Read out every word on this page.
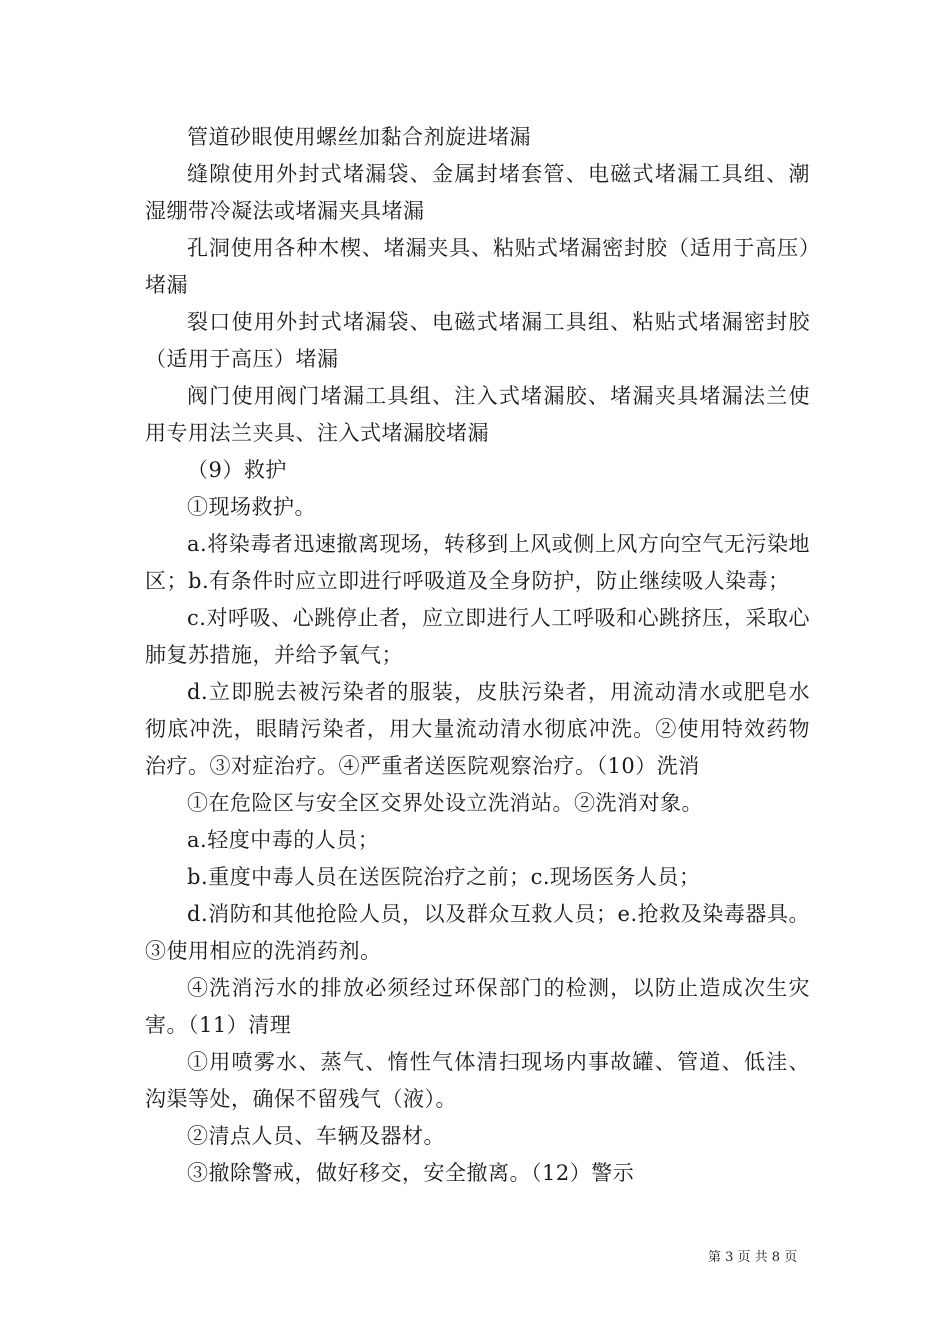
管道砂眼使用螺丝加黏合剂旋进堵漏

缝隙使用外封式堵漏袋、金属封堵套管、电磁式堵漏工具组、潮湿绷带冷凝法或堵漏夹具堵漏

孔洞使用各种木楔、堵漏夹具、粘贴式堵漏密封胶（适用于高压）堵漏

裂口使用外封式堵漏袋、电磁式堵漏工具组、粘贴式堵漏密封胶（适用于高压）堵漏

阀门使用阀门堵漏工具组、注入式堵漏胶、堵漏夹具堵漏法兰使用专用法兰夹具、注入式堵漏胶堵漏

（9）救护

①现场救护。

a.将染毒者迅速撤离现场，转移到上风或侧上风方向空气无污染地区；b.有条件时应立即进行呼吸道及全身防护，防止继续吸人染毒；

c.对呼吸、心跳停止者，应立即进行人工呼吸和心跳挤压，采取心肺复苏措施，并给予氧气；

d.立即脱去被污染者的服装，皮肤污染者，用流动清水或肥皂水彻底冲洗，眼睛污染者，用大量流动清水彻底冲洗。②使用特效药物治疗。③对症治疗。④严重者送医院观察治疗。（10）洗消

①在危险区与安全区交界处设立洗消站。②洗消对象。

a.轻度中毒的人员；

b.重度中毒人员在送医院治疗之前；c.现场医务人员；

d.消防和其他抢险人员，以及群众互救人员；e.抢救及染毒器具。③使用相应的洗消药剂。

④洗消污水的排放必须经过环保部门的检测，以防止造成次生灾害。（11）清理

①用喷雾水、蒸气、惰性气体清扫现场内事故罐、管道、低洼、沟渠等处，确保不留残气（液）。

②清点人员、车辆及器材。

③撤除警戒，做好移交，安全撤离。（12）警示

第 3 页 共 8 页
